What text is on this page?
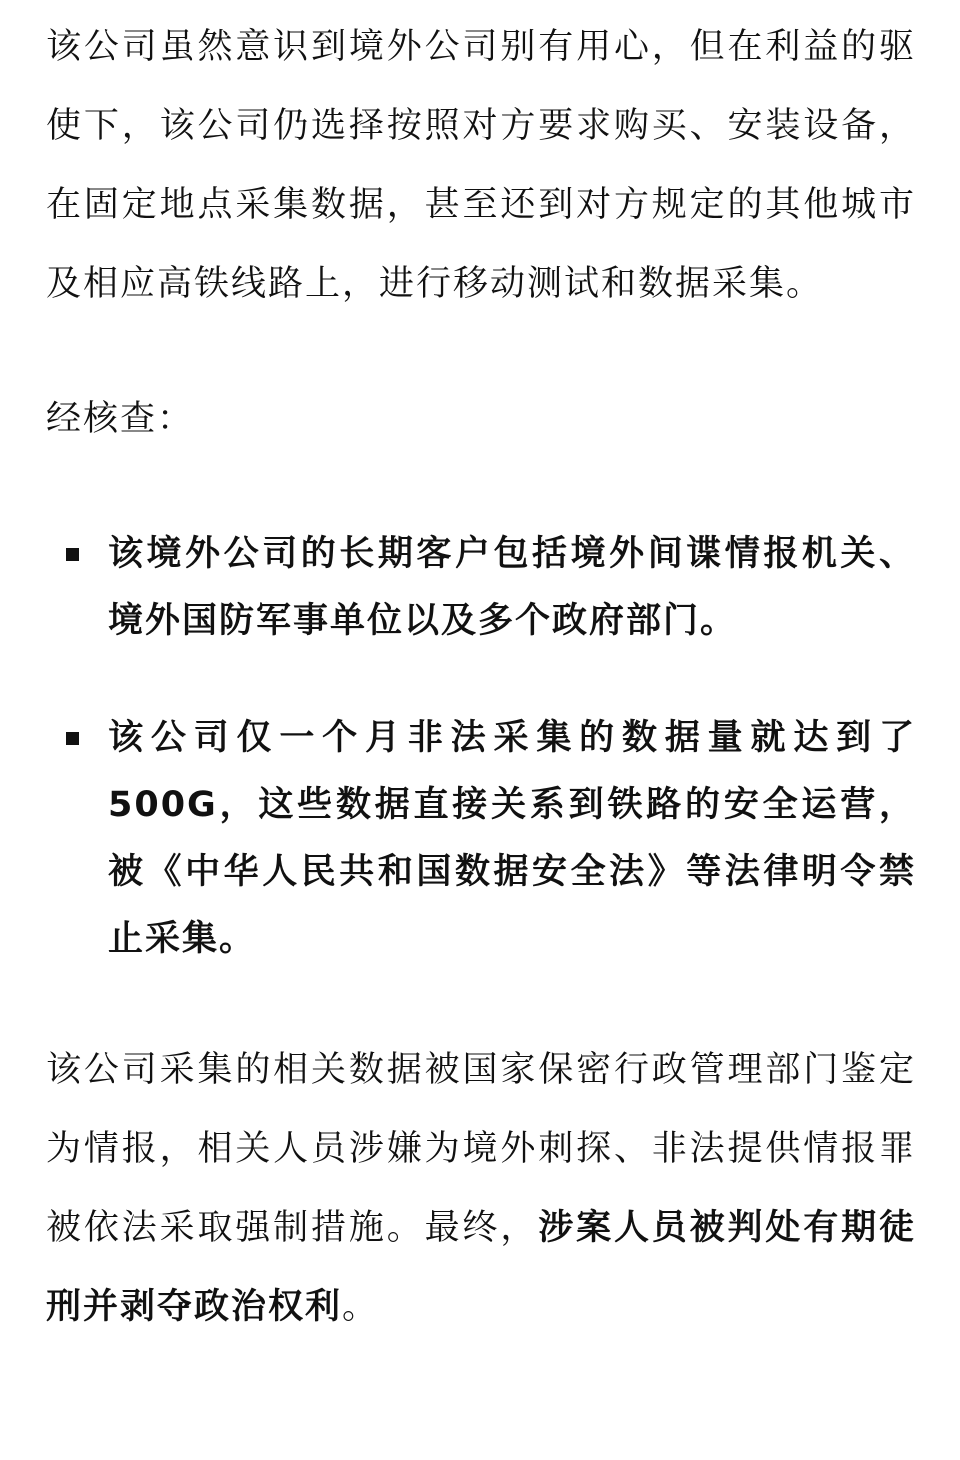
该公司虽然意识到境外公司别有用心，但在利益的驱使下，该公司仍选择按照对方要求购买、安装设备，在固定地点采集数据，甚至还到对方规定的其他城市及相应高铁线路上，进行移动测试和数据采集。

经核查：

该境外公司的长期客户包括境外间谍情报机关、境外国防军事单位以及多个政府部门。
该公司仅一个月非法采集的数据量就达到了500G，这些数据直接关系到铁路的安全运营，被《中华人民共和国数据安全法》等法律明令禁止采集。

该公司采集的相关数据被国家保密行政管理部门鉴定为情报，相关人员涉嫌为境外刺探、非法提供情报罪被依法采取强制措施。最终，涉案人员被判处有期徒刑并剥夺政治权利。
